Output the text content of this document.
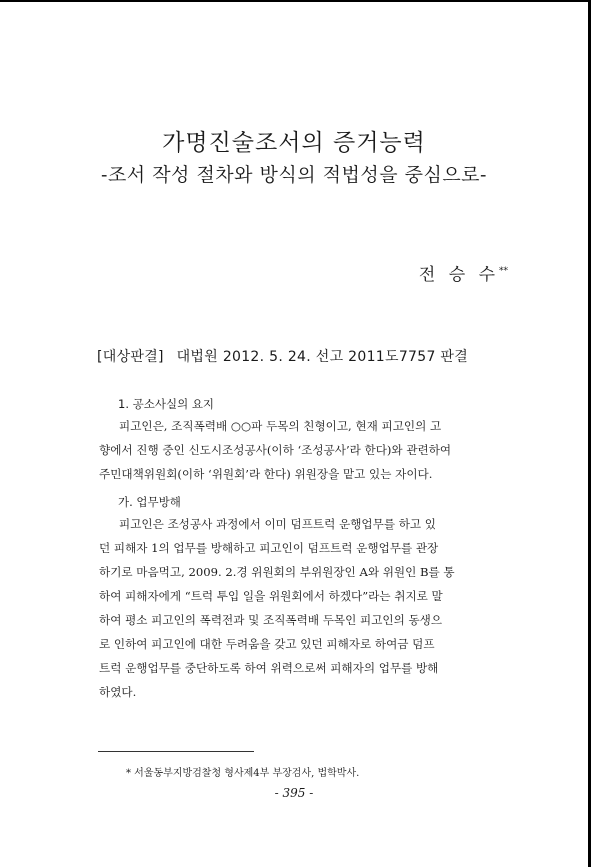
가명진술조서의 증거능력
-조서 작성 절차와 방식의 적법성을 중심으로-
전 승 수**
[대상판결] 대법원 2012. 5. 24. 선고 2011도7757 판결
1. 공소사실의 요지
피고인은, 조직폭력배 ○○파 두목의 친형이고, 현재 피고인의 고
향에서 진행 중인 신도시조성공사(이하 ‘조성공사’라 한다)와 관련하여
주민대책위원회(이하 ‘위원회’라 한다) 위원장을 맡고 있는 자이다.
가. 업무방해
피고인은 조성공사 과정에서 이미 덤프트럭 운행업무를 하고 있
던 피해자 1의 업무를 방해하고 피고인이 덤프트럭 운행업무를 관장
하기로 마음먹고, 2009. 2.경 위원회의 부위원장인 A와 위원인 B를 통
하여 피해자에게 “트럭 투입 일을 위원회에서 하겠다”라는 취지로 말
하여 평소 피고인의 폭력전과 및 조직폭력배 두목인 피고인의 동생으
로 인하여 피고인에 대한 두려움을 갖고 있던 피해자로 하여금 덤프
트럭 운행업무를 중단하도록 하여 위력으로써 피해자의 업무를 방해
하였다.
* 서울동부지방검찰청 형사제4부 부장검사, 법학박사.
- 395 -
